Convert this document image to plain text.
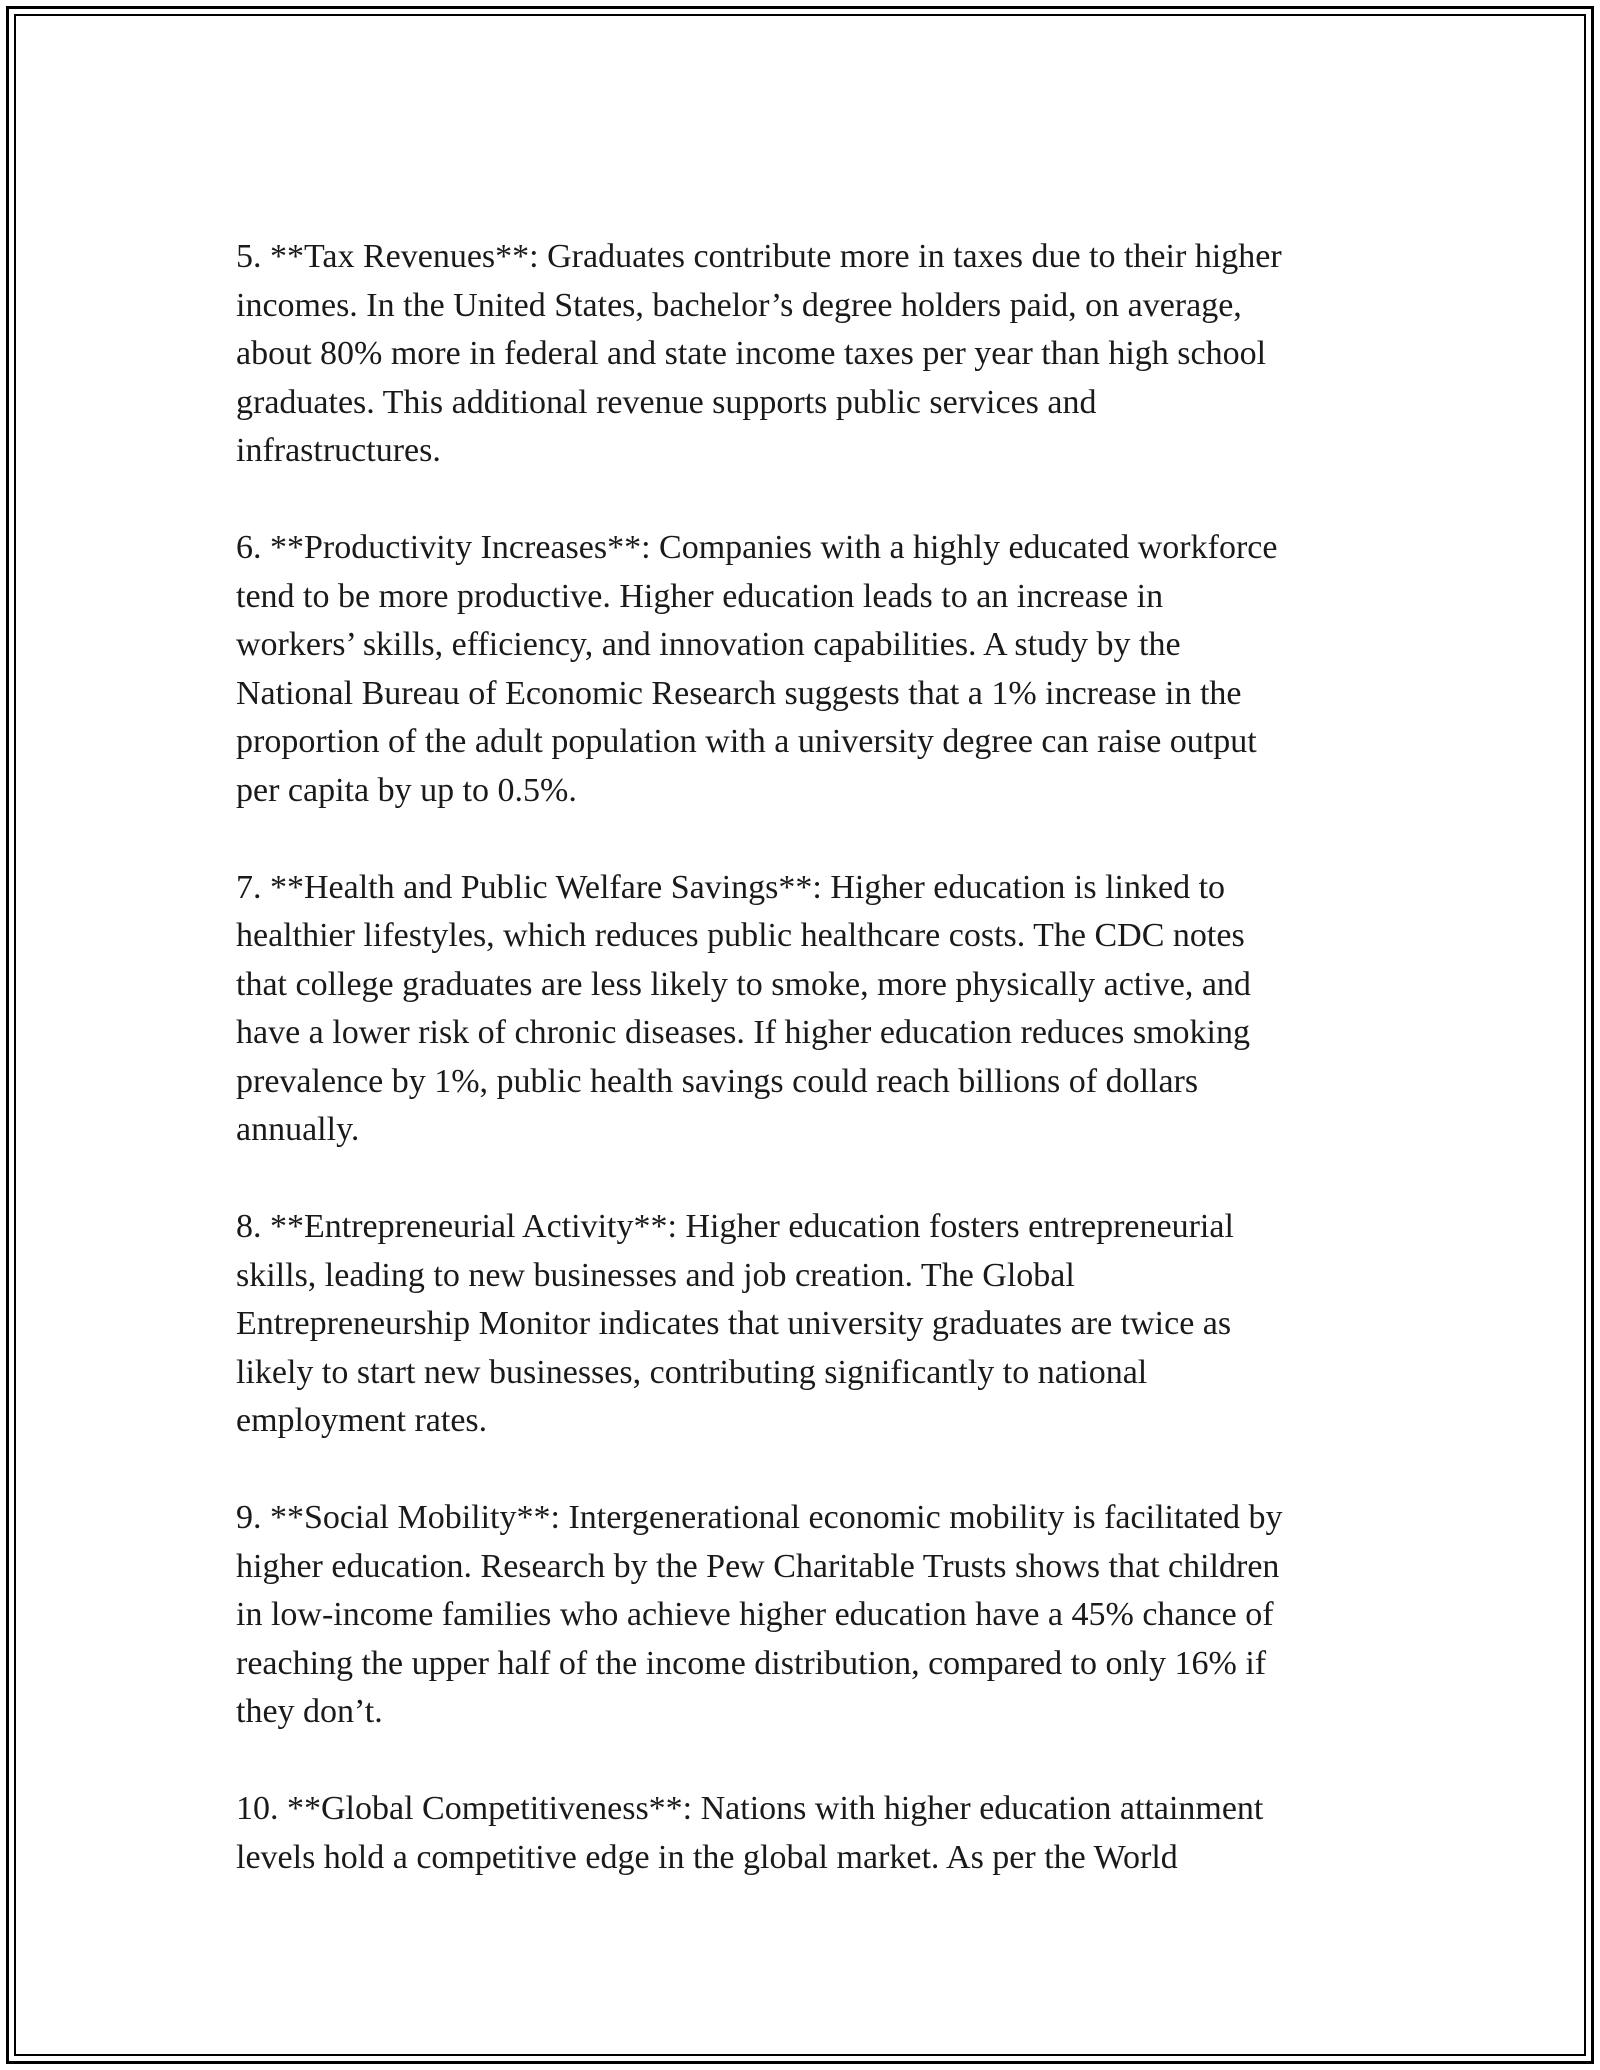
5. **Tax Revenues**: Graduates contribute more in taxes due to their higher
incomes. In the United States, bachelor’s degree holders paid, on average,
about 80% more in federal and state income taxes per year than high school
graduates. This additional revenue supports public services and
infrastructures.

6. **Productivity Increases**: Companies with a highly educated workforce
tend to be more productive. Higher education leads to an increase in
workers’ skills, efficiency, and innovation capabilities. A study by the
National Bureau of Economic Research suggests that a 1% increase in the
proportion of the adult population with a university degree can raise output
per capita by up to 0.5%.

7. **Health and Public Welfare Savings**: Higher education is linked to
healthier lifestyles, which reduces public healthcare costs. The CDC notes
that college graduates are less likely to smoke, more physically active, and
have a lower risk of chronic diseases. If higher education reduces smoking
prevalence by 1%, public health savings could reach billions of dollars
annually.

8. **Entrepreneurial Activity**: Higher education fosters entrepreneurial
skills, leading to new businesses and job creation. The Global
Entrepreneurship Monitor indicates that university graduates are twice as
likely to start new businesses, contributing significantly to national
employment rates.

9. **Social Mobility**: Intergenerational economic mobility is facilitated by
higher education. Research by the Pew Charitable Trusts shows that children
in low-income families who achieve higher education have a 45% chance of
reaching the upper half of the income distribution, compared to only 16% if
they don’t.

10. **Global Competitiveness**: Nations with higher education attainment
levels hold a competitive edge in the global market. As per the World
